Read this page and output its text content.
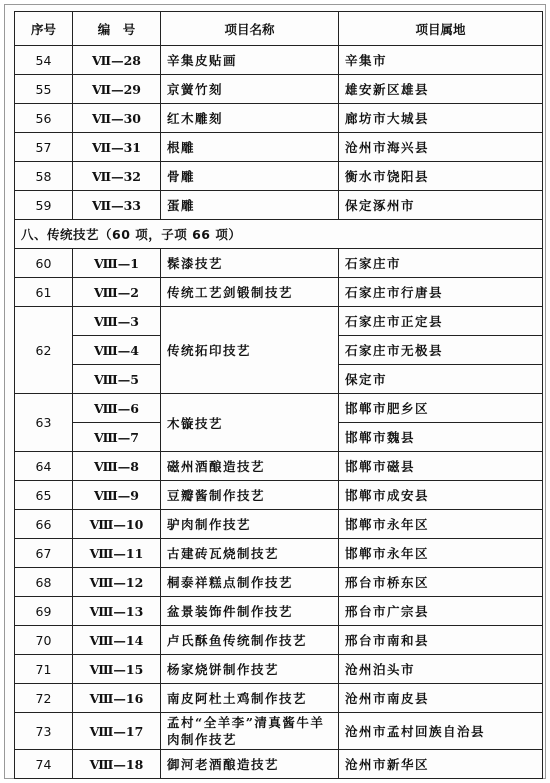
序号	编　号	项目名称	项目属地
54	Ⅶ—28	辛集皮贴画	辛集市
55	Ⅶ—29	京黉竹刻	雄安新区雄县
56	Ⅶ—30	红木雕刻	廊坊市大城县
57	Ⅶ—31	根雕	沧州市海兴县
58	Ⅶ—32	骨雕	衡水市饶阳县
59	Ⅶ—33	蛋雕	保定涿州市
八、传统技艺（60 项，子项 66 项）			
60	Ⅷ—1	髹漆技艺	石家庄市
61	Ⅷ—2	传统工艺剑锻制技艺	石家庄市行唐县
62	Ⅷ—3	传统拓印技艺	石家庄市正定县
	Ⅷ—4		石家庄市无极县
	Ⅷ—5		保定市
63	Ⅷ—6	木镟技艺	邯郸市肥乡区
	Ⅷ—7		邯郸市魏县
64	Ⅷ—8	磁州酒酿造技艺	邯郸市磁县
65	Ⅷ—9	豆瓣酱制作技艺	邯郸市成安县
66	Ⅷ—10	驴肉制作技艺	邯郸市永年区
67	Ⅷ—11	古建砖瓦烧制技艺	邯郸市永年区
68	Ⅷ—12	桐泰祥糕点制作技艺	邢台市桥东区
69	Ⅷ—13	盆景装饰件制作技艺	邢台市广宗县
70	Ⅷ—14	卢氏酥鱼传统制作技艺	邢台市南和县
71	Ⅷ—15	杨家烧饼制作技艺	沧州泊头市
72	Ⅷ—16	南皮阿杜土鸡制作技艺	沧州市南皮县
73	Ⅷ—17	孟村“全羊李”清真酱牛羊肉制作技艺	沧州市孟村回族自治县
74	Ⅷ—18	御河老酒酿造技艺	沧州市新华区
